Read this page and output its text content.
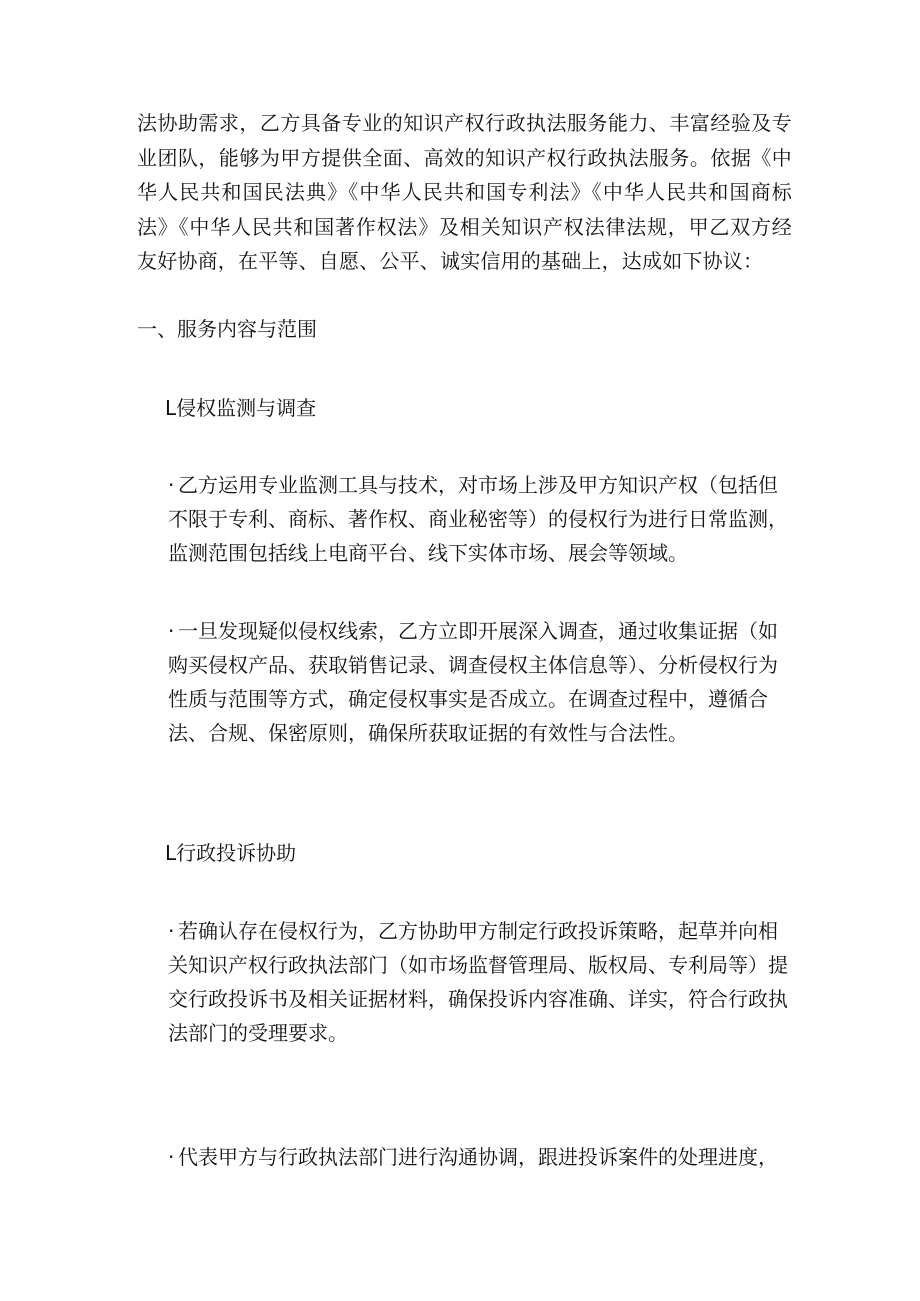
法协助需求，乙方具备专业的知识产权行政执法服务能力、丰富经验及专业团队，能够为甲方提供全面、高效的知识产权行政执法服务。依据《中华人民共和国民法典》《中华人民共和国专利法》《中华人民共和国商标法》《中华人民共和国著作权法》及相关知识产权法律法规，甲乙双方经友好协商，在平等、自愿、公平、诚实信用的基础上，达成如下协议：

一、服务内容与范围

L侵权监测与调查

· 乙方运用专业监测工具与技术，对市场上涉及甲方知识产权（包括但不限于专利、商标、著作权、商业秘密等）的侵权行为进行日常监测，监测范围包括线上电商平台、线下实体市场、展会等领域。

· 一旦发现疑似侵权线索，乙方立即开展深入调查，通过收集证据（如购买侵权产品、获取销售记录、调查侵权主体信息等）、分析侵权行为性质与范围等方式，确定侵权事实是否成立。在调查过程中，遵循合法、合规、保密原则，确保所获取证据的有效性与合法性。

L行政投诉协助

· 若确认存在侵权行为，乙方协助甲方制定行政投诉策略，起草并向相关知识产权行政执法部门（如市场监督管理局、版权局、专利局等）提交行政投诉书及相关证据材料，确保投诉内容准确、详实，符合行政执法部门的受理要求。

· 代表甲方与行政执法部门进行沟通协调，跟进投诉案件的处理进度，
